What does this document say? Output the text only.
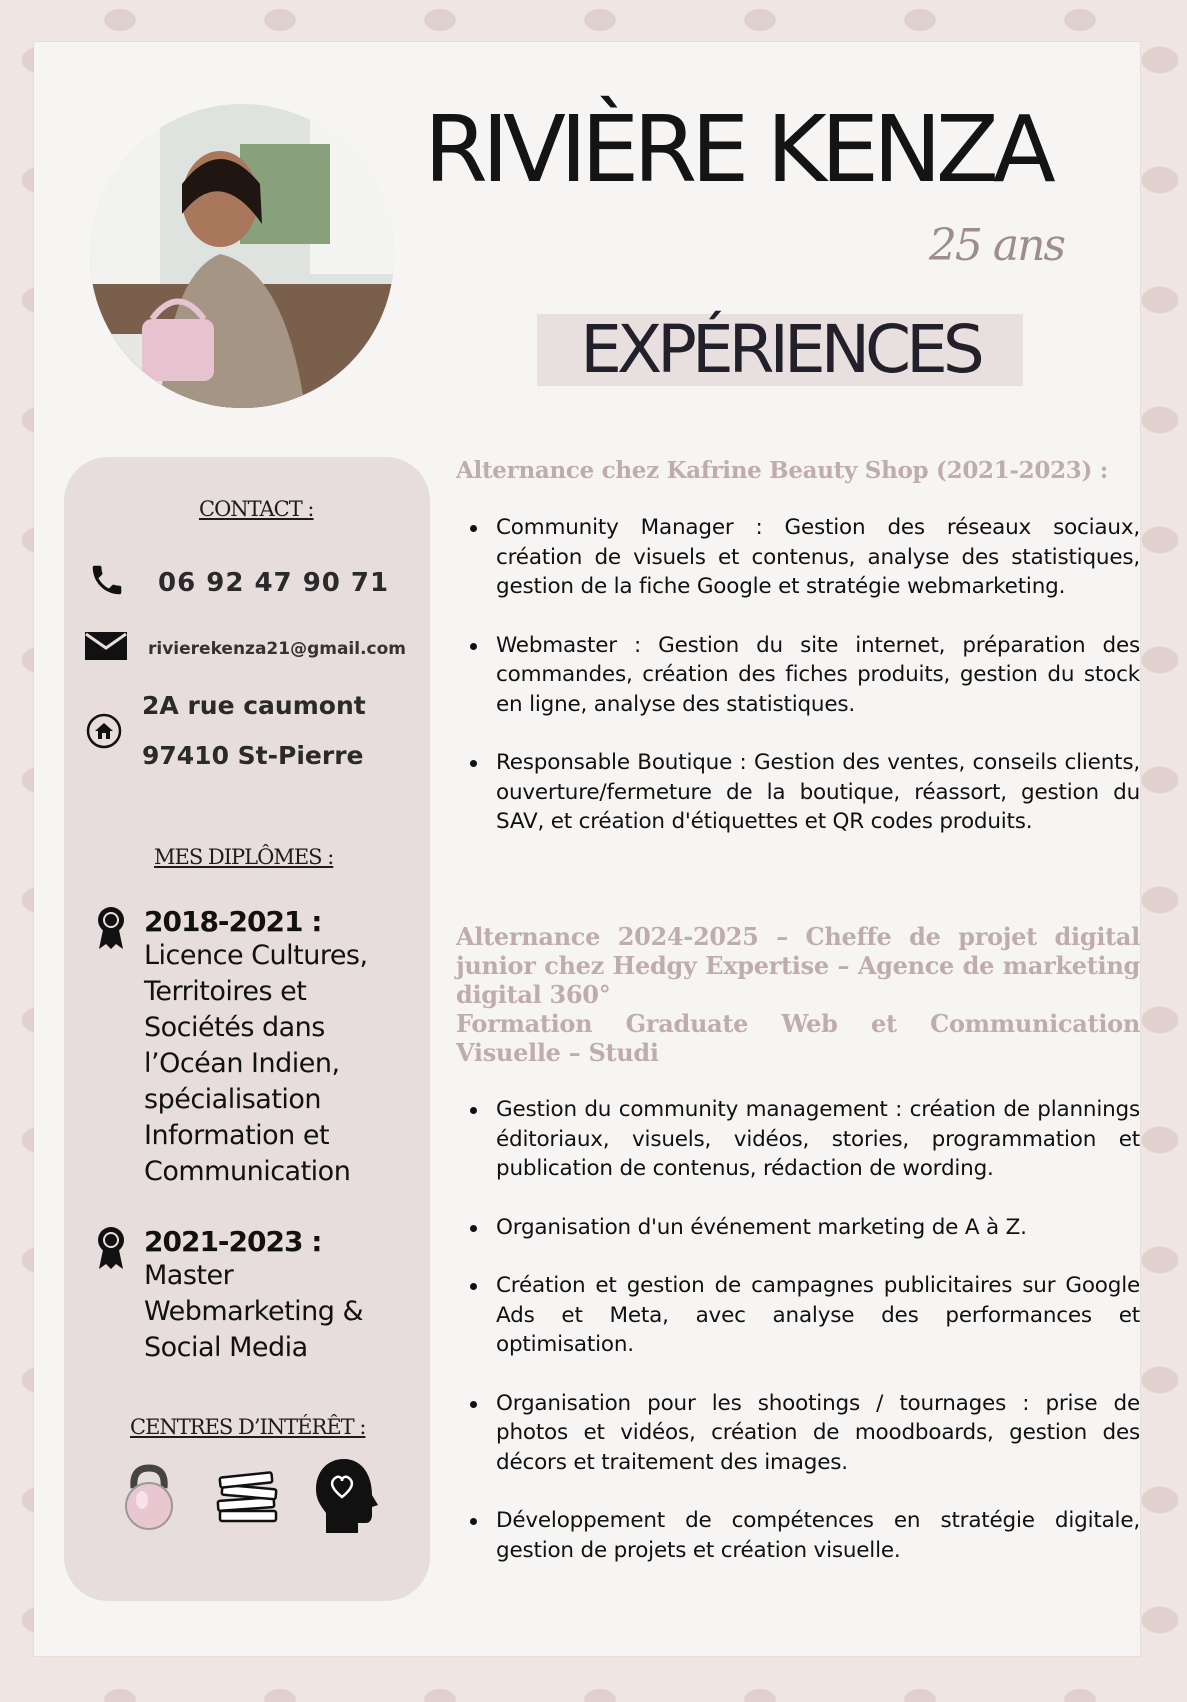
RIVIÈRE KENZA
25 ans
EXPÉRIENCES
CONTACT :
06 92 47 90 71
rivierekenza21@gmail.com
2A rue caumont
97410 St-Pierre
MES DIPLÔMES :
2018-2021 :
Licence Cultures,
Territoires et
Sociétés dans
l’Océan Indien,
spécialisation
Information et
Communication
2021-2023 :
Master
Webmarketing &
Social Media
CENTRES D’INTÉRÊT :

Alternance chez Kafrine Beauty Shop (2021-2023) :

Community Manager : Gestion des réseaux sociaux, création de visuels et contenus, analyse des statistiques, gestion de la fiche Google et stratégie webmarketing.
Webmaster : Gestion du site internet, préparation des commandes, création des fiches produits, gestion du stock en ligne, analyse des statistiques.
Responsable Boutique : Gestion des ventes, conseils clients, ouverture/fermeture de la boutique, réassort, gestion du SAV, et création d'étiquettes et QR codes produits.

Alternance 2024-2025 – Cheffe de projet digital junior chez Hedgy Expertise – Agence de marketing digital 360°

Formation Graduate Web et Communication Visuelle – Studi

Gestion du community management : création de plannings éditoriaux, visuels, vidéos, stories, programmation et publication de contenus, rédaction de wording.
Organisation d'un événement marketing de A à Z.
Création et gestion de campagnes publicitaires sur Google Ads et Meta, avec analyse des performances et optimisation.
Organisation pour les shootings / tournages : prise de photos et vidéos, création de moodboards, gestion des décors et traitement des images.
Développement de compétences en stratégie digitale, gestion de projets et création visuelle.
